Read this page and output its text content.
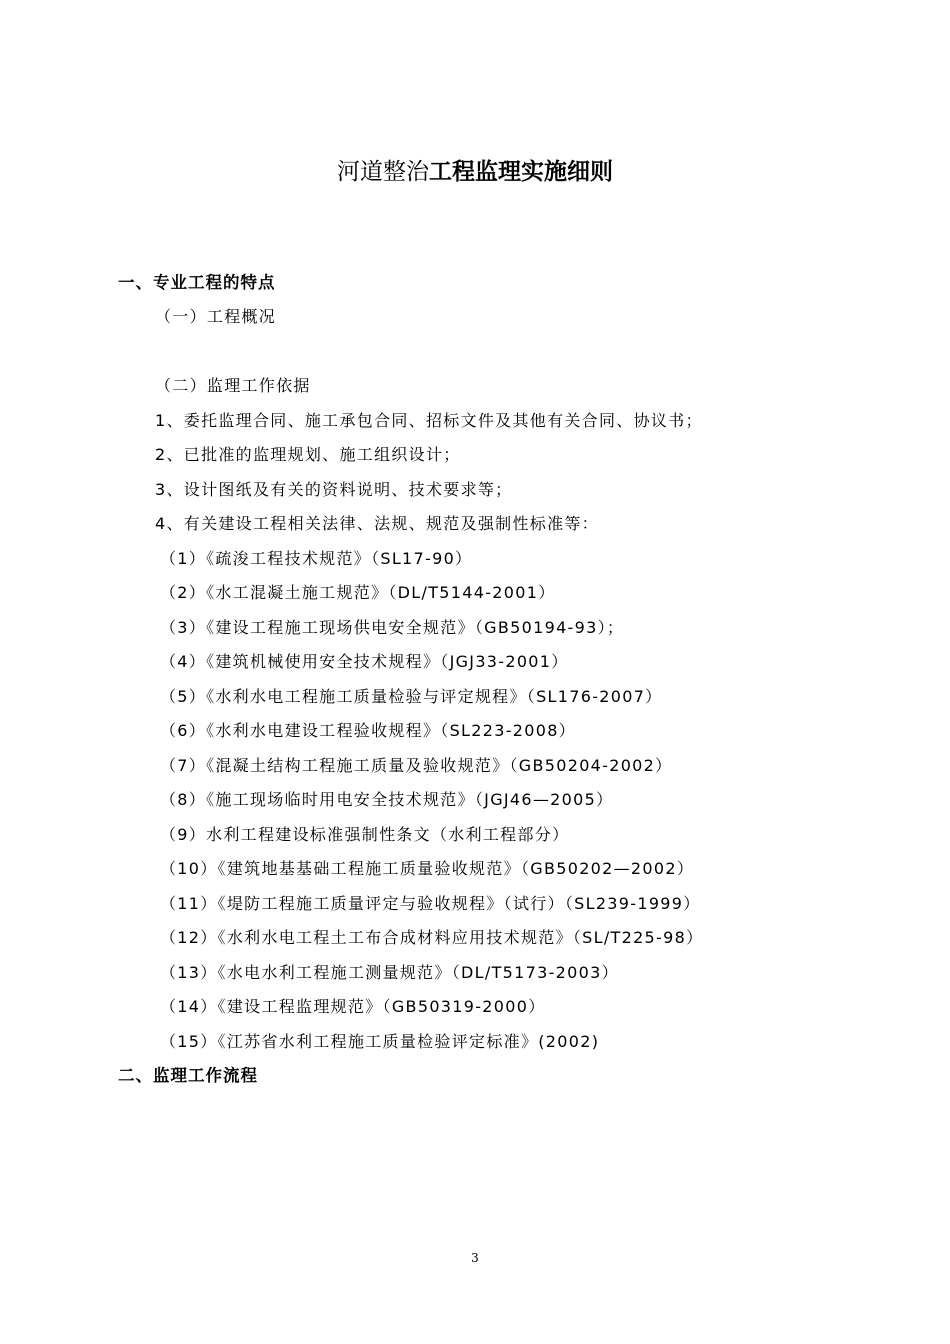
河道整治工程监理实施细则
一、专业工程的特点
（一）工程概况
（二）监理工作依据
1、委托监理合同、施工承包合同、招标文件及其他有关合同、协议书；
2、已批准的监理规划、施工组织设计；
3、设计图纸及有关的资料说明、技术要求等；
4、有关建设工程相关法律、法规、规范及强制性标准等：
（1）《疏浚工程技术规范》（SL17-90）
（2）《水工混凝土施工规范》（DL/T5144-2001）
（3）《建设工程施工现场供电安全规范》（GB50194-93）；
（4）《建筑机械使用安全技术规程》（JGJ33-2001）
（5）《水利水电工程施工质量检验与评定规程》（SL176-2007）
（6）《水利水电建设工程验收规程》（SL223-2008）
（7）《混凝土结构工程施工质量及验收规范》（GB50204-2002）
（8）《施工现场临时用电安全技术规范》（JGJ46—2005）
（9）水利工程建设标准强制性条文（水利工程部分）
（10）《建筑地基基础工程施工质量验收规范》（GB50202—2002）
（11）《堤防工程施工质量评定与验收规程》（试行）（SL239-1999）
（12）《水利水电工程土工布合成材料应用技术规范》（SL/T225-98）
（13）《水电水利工程施工测量规范》（DL/T5173-2003）
（14）《建设工程监理规范》（GB50319-2000）
（15）《江苏省水利工程施工质量检验评定标准》(2002)
二、监理工作流程
3
